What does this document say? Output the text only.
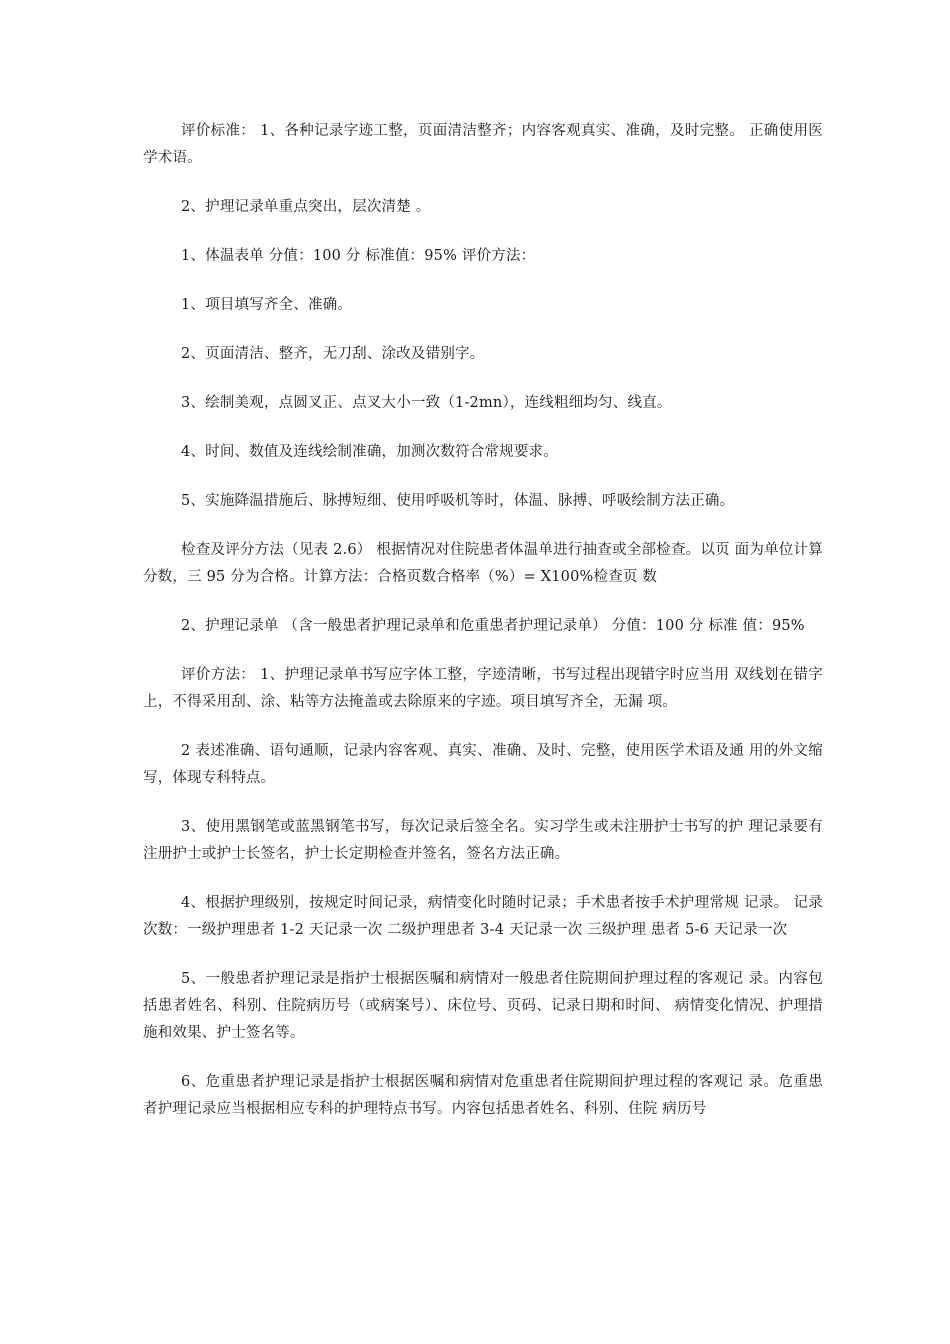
评价标准： 1、各种记录字迹工整，页面清洁整齐；内容客观真实、准确，及时完整。 正确使用医学术语。

2、护理记录单重点突出，层次清楚 。

1、体温表单 分值：100 分 标准值：95% 评价方法：

1、项目填写齐全、准确。

2、页面清洁、整齐，无刀刮、涂改及错别字。

3、绘制美观，点圆叉正、点叉大小一致（1-2mn），连线粗细均匀、线直。

4、时间、数值及连线绘制准确，加测次数符合常规要求。

5、实施降温措施后、脉搏短细、使用呼吸机等时，体温、脉搏、呼吸绘制方法正确。

检查及评分方法（见表 2.6） 根据情况对住院患者体温单进行抽查或全部检查。以页 面为单位计算分数，三 95 分为合格。计算方法：合格页数合格率（%）= X100%检查页 数

2、护理记录单 （含一般患者护理记录单和危重患者护理记录单） 分值：100 分 标准 值：95%

评价方法： 1、护理记录单书写应字体工整，字迹清晰，书写过程出现错字时应当用 双线划在错字上，不得采用刮、涂、粘等方法掩盖或去除原来的字迹。项目填写齐全，无漏 项。

2 表述准确、语句通顺，记录内容客观、真实、准确、及时、完整，使用医学术语及通 用的外文缩写，体现专科特点。

3、使用黑钢笔或蓝黑钢笔书写，每次记录后签全名。实习学生或未注册护士书写的护 理记录要有注册护士或护士长签名，护士长定期检查并签名，签名方法正确。

4、根据护理级别，按规定时间记录，病情变化时随时记录；手术患者按手术护理常规 记录。 记录次数：一级护理患者 1-2 天记录一次 二级护理患者 3-4 天记录一次 三级护理 患者 5-6 天记录一次

5、一般患者护理记录是指护士根据医嘱和病情对一般患者住院期间护理过程的客观记 录。内容包括患者姓名、科别、住院病历号（或病案号）、床位号、页码、记录日期和时间、 病情变化情况、护理措施和效果、护士签名等。

6、危重患者护理记录是指护士根据医嘱和病情对危重患者住院期间护理过程的客观记 录。危重患者护理记录应当根据相应专科的护理特点书写。内容包括患者姓名、科别、住院 病历号
